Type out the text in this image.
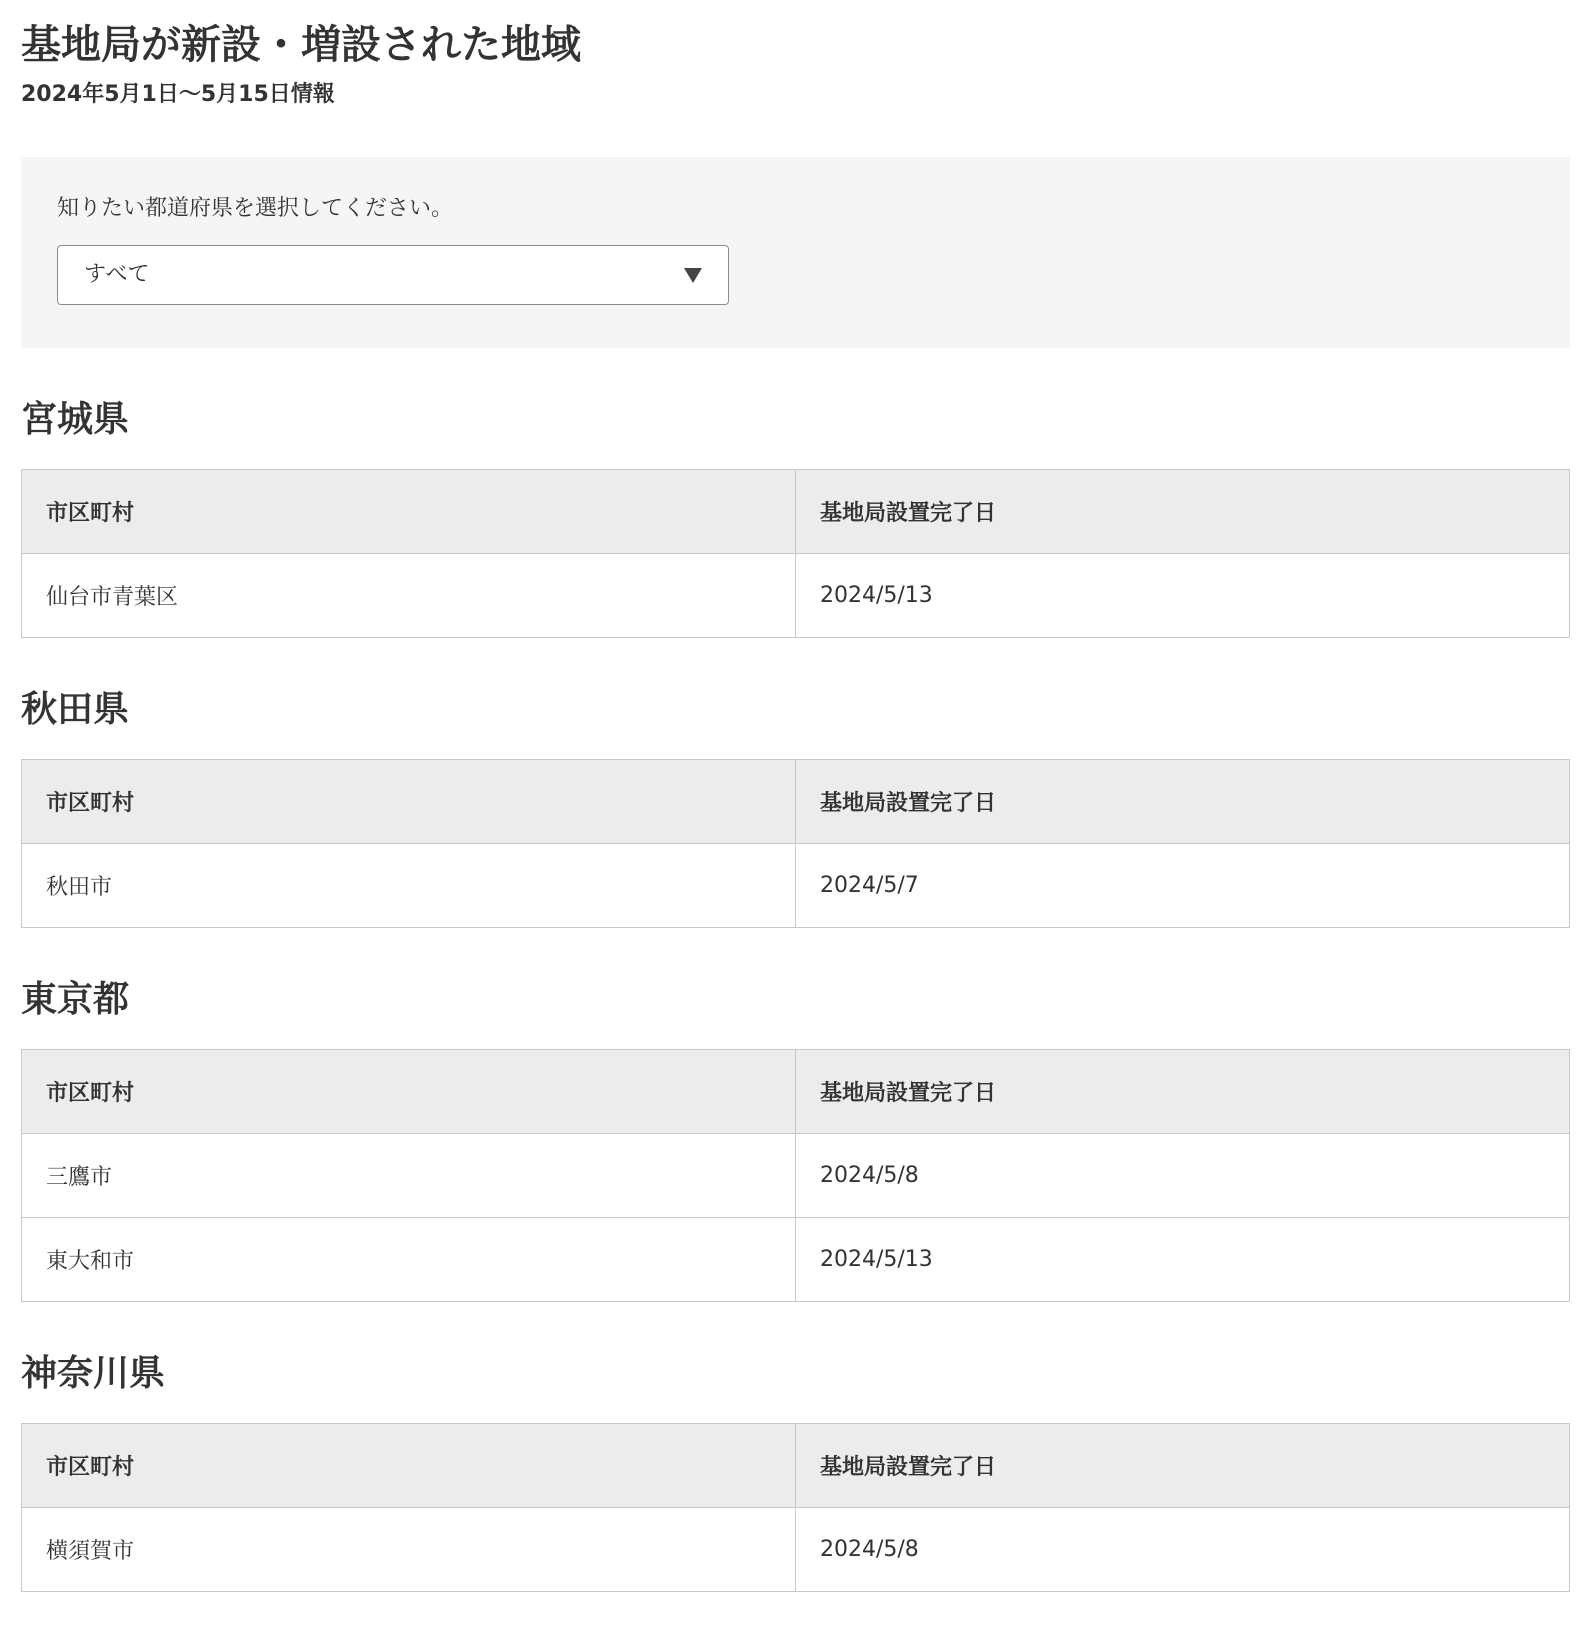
基地局が新設・増設された地域

2024年5月1日〜5月15日情報

知りたい都道府県を選択してください。
すべて
宮城県
市区町村	基地局設置完了日
仙台市青葉区	2024/5/13
秋田県
市区町村	基地局設置完了日
秋田市	2024/5/7
東京都
市区町村	基地局設置完了日
三鷹市	2024/5/8
東大和市	2024/5/13
神奈川県
市区町村	基地局設置完了日
横須賀市	2024/5/8
